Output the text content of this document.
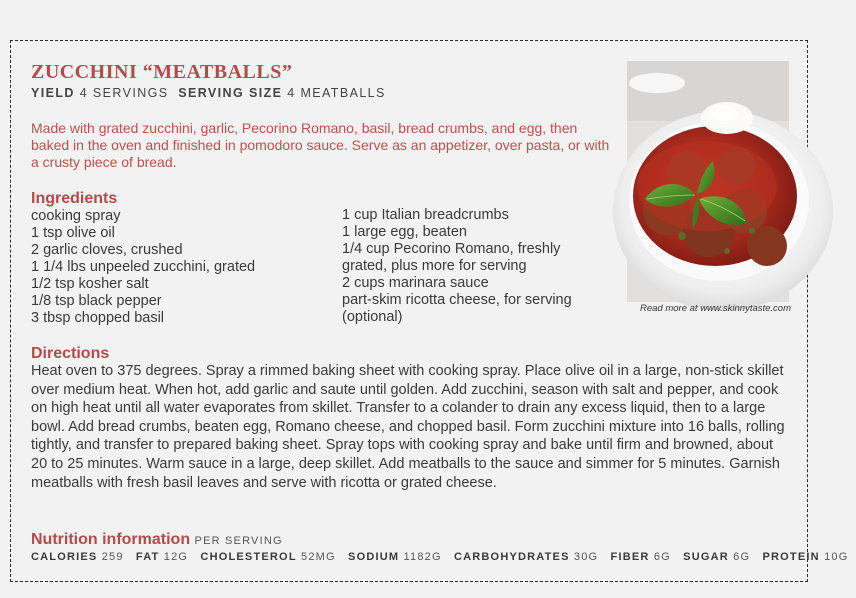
ZUCCHINI “MEATBALLS”
YIELD 4 SERVINGS SERVING SIZE 4 MEATBALLS
Made with grated zucchini, garlic, Pecorino Romano, basil, bread crumbs, and egg, then baked in the oven and finished in pomodoro sauce. Serve as an appetizer, over pasta, or with a crusty piece of bread.
Ingredients
cooking spray
1 tsp olive oil
2 garlic cloves, crushed
1 1/4 lbs unpeeled zucchini, grated
1/2 tsp kosher salt
1/8 tsp black pepper
3 tbsp chopped basil
1 cup Italian breadcrumbs
1 large egg, beaten
1/4 cup Pecorino Romano, freshly grated, plus more for serving
2 cups marinara sauce
part-skim ricotta cheese, for serving (optional)
Directions
Heat oven to 375 degrees. Spray a rimmed baking sheet with cooking spray. Place olive oil in a large, non-stick skillet over medium heat. When hot, add garlic and saute until golden. Add zucchini, season with salt and pepper, and cook on high heat until all water evaporates from skillet. Transfer to a colander to drain any excess liquid, then to a large bowl. Add bread crumbs, beaten egg, Romano cheese, and chopped basil. Form zucchini mixture into 16 balls, rolling tightly, and transfer to prepared baking sheet. Spray tops with cooking spray and bake until firm and browned, about 20 to 25 minutes. Warm sauce in a large, deep skillet. Add meatballs to the sauce and simmer for 5 minutes. Garnish meatballs with fresh basil leaves and serve with ricotta or grated cheese.
Nutrition information PER SERVING
CALORIES 259 FAT 12G CHOLESTEROL 52MG SODIUM 1182G CARBOHYDRATES 30G FIBER 6G SUGAR 6G PROTEIN 10G
Read more at www.skinnytaste.com
